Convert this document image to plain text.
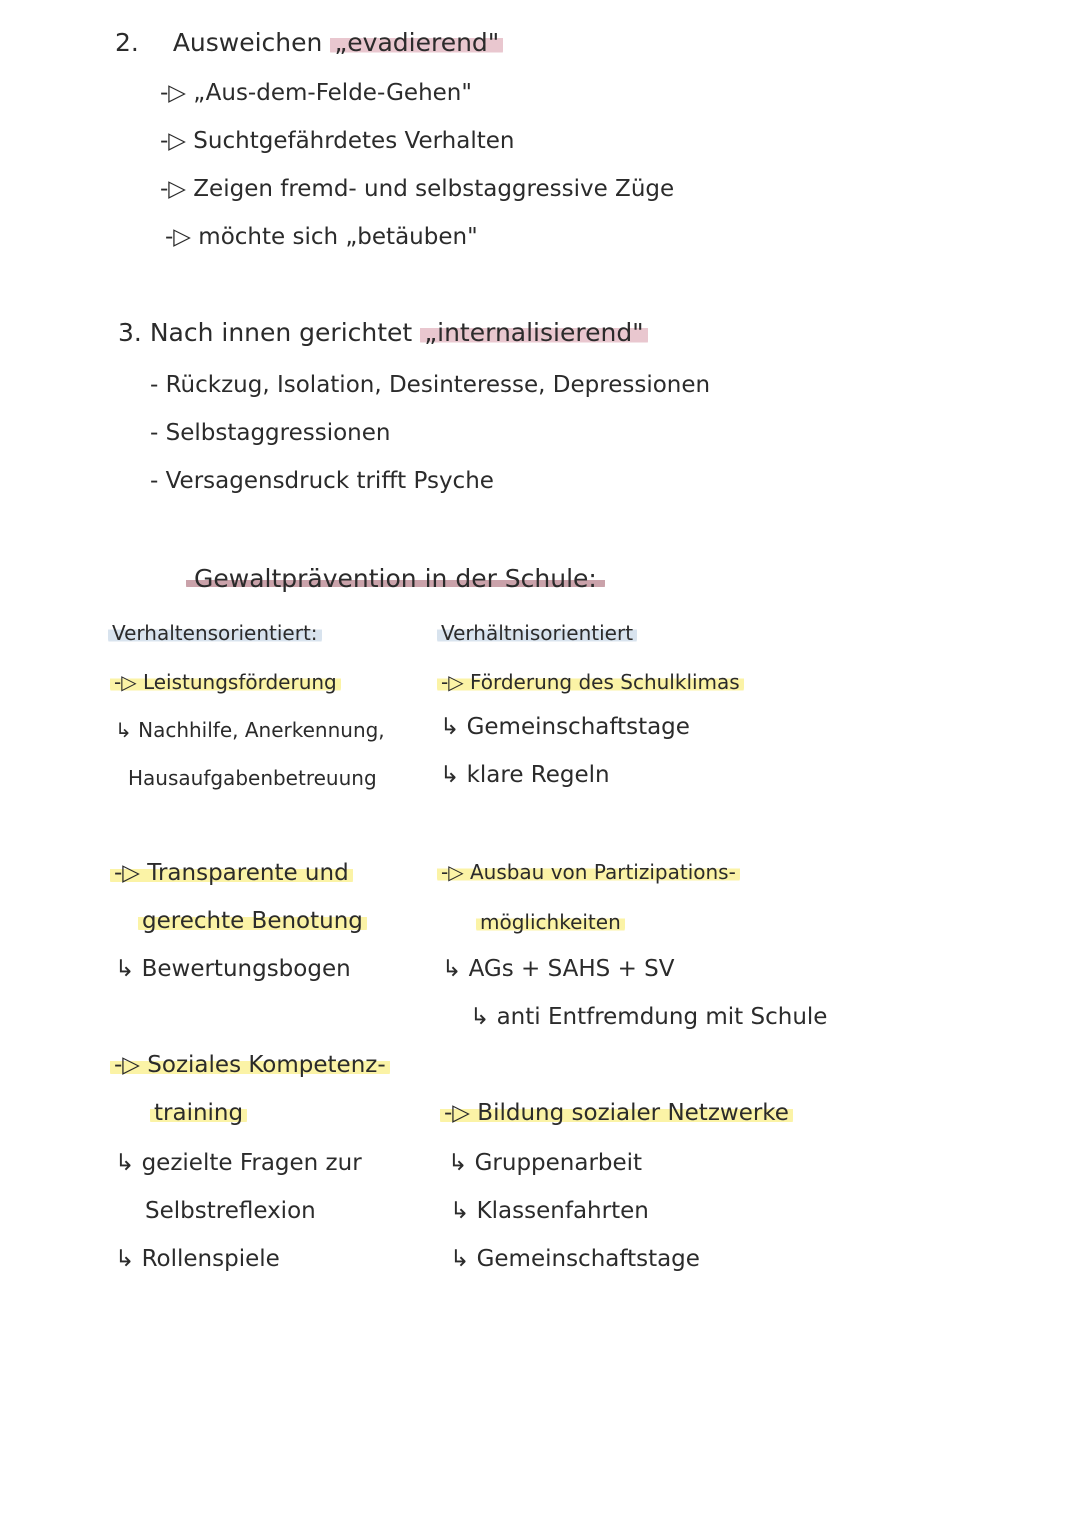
2. Ausweichen „evadierend"
-▷ „Aus-dem-Felde-Gehen"
-▷ Suchtgefährdetes Verhalten
-▷ Zeigen fremd- und selbstaggressive Züge
-▷ möchte sich „betäuben"
3. Nach innen gerichtet „internalisierend"
- Rückzug, Isolation, Desinteresse, Depressionen
- Selbstaggressionen
- Versagensdruck trifft Psyche
Gewaltprävention in der Schule:
Verhaltensorientiert:
-▷ Leistungsförderung
↳ Nachhilfe, Anerkennung,
Hausaufgabenbetreuung
-▷ Transparente und
gerechte Benotung
↳ Bewertungsbogen
-▷ Soziales Kompetenz-
training
↳ gezielte Fragen zur
Selbstreflexion
↳ Rollenspiele
Verhältnisorientiert
-▷ Förderung des Schulklimas
↳ Gemeinschaftstage
↳ klare Regeln
-▷ Ausbau von Partizipations-
möglichkeiten
↳ AGs + SAHS + SV
↳ anti Entfremdung mit Schule
-▷ Bildung sozialer Netzwerke
↳ Gruppenarbeit
↳ Klassenfahrten
↳ Gemeinschaftstage
